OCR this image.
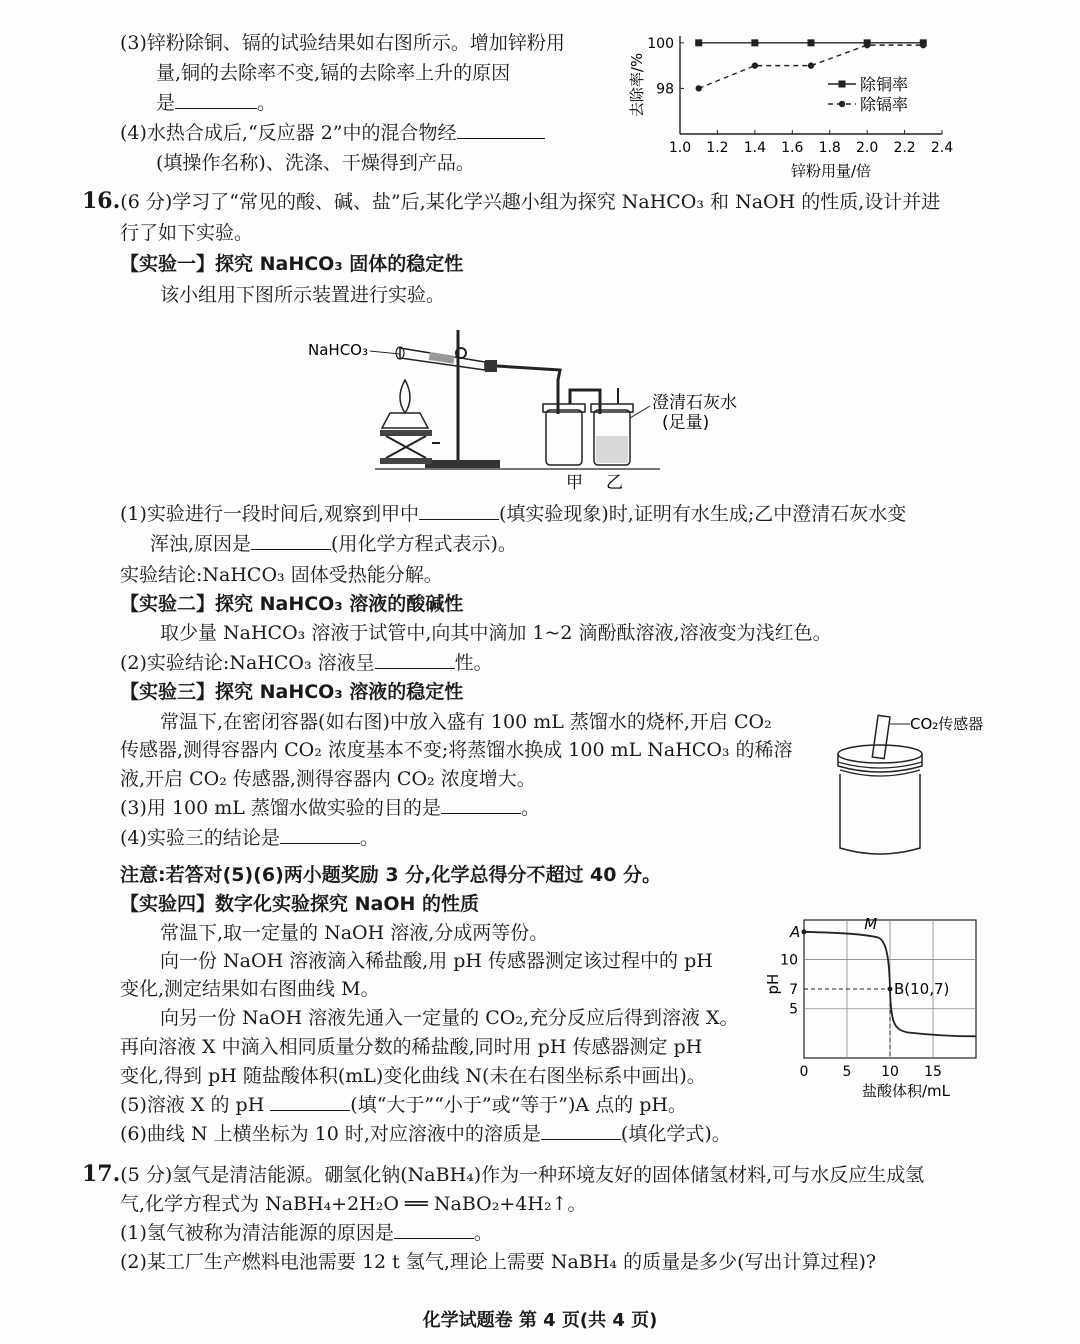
(3)锌粉除铜、镉的试验结果如右图所示。增加锌粉用
量,铜的去除率不变,镉的去除率上升的原因
是	。
(4)水热合成后,“反应器 2”中的混合物经
(填操作名称)、洗涤、干燥得到产品。
1.0 1.2 1.4 1.6 1.8 2.0 2.2 2.4
98
100
去除率/%
锌粉用量/倍
除铜率
除镉率
16.(6 分)学习了“常见的酸、碱、盐”后,某化学兴趣小组为探究 NaHCO₃ 和 NaOH 的性质,设计并进
行了如下实验。
【实验一】探究 NaHCO₃ 固体的稳定性
该小组用下图所示装置进行实验。
NaHCO₃
澄清石灰水
(足量)
甲 乙
(1)实验进行一段时间后,观察到甲中	(填实验现象)时,证明有水生成;乙中澄清石灰水变
浑浊,原因是	(用化学方程式表示)。
实验结论:NaHCO₃ 固体受热能分解。
【实验二】探究 NaHCO₃ 溶液的酸碱性
取少量 NaHCO₃ 溶液于试管中,向其中滴加 1~2 滴酚酞溶液,溶液变为浅红色。
(2)实验结论:NaHCO₃ 溶液呈	性。
【实验三】探究 NaHCO₃ 溶液的稳定性
常温下,在密闭容器(如右图)中放入盛有 100 mL 蒸馏水的烧杯,开启 CO₂
传感器,测得容器内 CO₂ 浓度基本不变;将蒸馏水换成 100 mL NaHCO₃ 的稀溶
液,开启 CO₂ 传感器,测得容器内 CO₂ 浓度增大。
(3)用 100 mL 蒸馏水做实验的目的是	。
(4)实验三的结论是	。
CO₂传感器
注意:若答对(5)(6)两小题奖励 3 分,化学总得分不超过 40 分。
【实验四】数字化实验探究 NaOH 的性质
常温下,取一定量的 NaOH 溶液,分成两等份。
向一份 NaOH 溶液滴入稀盐酸,用 pH 传感器测定该过程中的 pH
变化,测定结果如右图曲线 M。
向另一份 NaOH 溶液先通入一定量的 CO₂,充分反应后得到溶液 X。
再向溶液 X 中滴入相同质量分数的稀盐酸,同时用 pH 传感器测定 pH
变化,得到 pH 随盐酸体积(mL)变化曲线 N(未在右图坐标系中画出)。
(5)溶液 X 的 pH	(填“大于”“小于”或“等于”)A 点的 pH。
(6)曲线 N 上横坐标为 10 时,对应溶液中的溶质是	(填化学式)。
0 5 10 15
5
7
10
pH
盐酸体积/mL
A	M
B(10,7)
17.(5 分)氢气是清洁能源。硼氢化钠(NaBH₄)作为一种环境友好的固体储氢材料,可与水反应生成氢
气,化学方程式为 NaBH₄+2H₂O ══ NaBO₂+4H₂↑。
(1)氢气被称为清洁能源的原因是	。
(2)某工厂生产燃料电池需要 12 t 氢气,理论上需要 NaBH₄ 的质量是多少(写出计算过程)?
化学试题卷 第 4 页(共 4 页)
